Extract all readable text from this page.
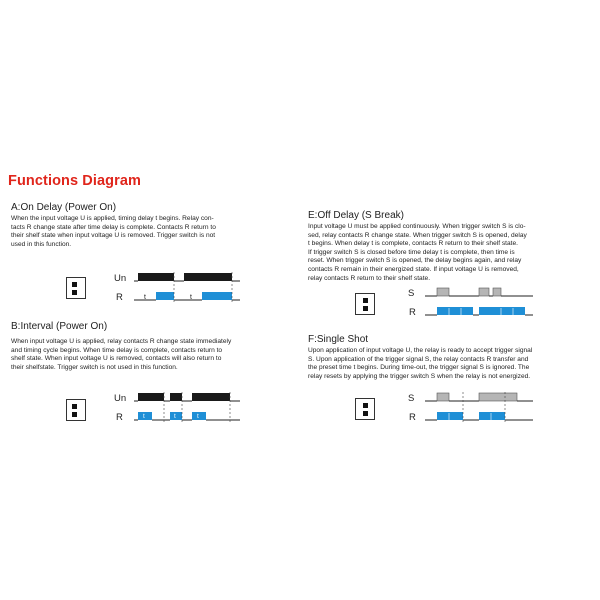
Functions Diagram
A:On Delay (Power On)

When the input voltage U is applied, timing delay t begins. Relay con-

tacts R change state after time delay is complete. Contacts R return to

their shelf state when input voltage U is removed. Trigger switch is not

used in this function.

Un
R	t	t
B:Interval (Power On)

When input voltage U is applied, relay contacts R change state immediately

and timing cycle begins. When time delay is complete, contacts return to

shelf state. When input voltage U is removed, contacts will also return to

their shelfstate. Trigger switch is not used in this function.

Un
R	t	t	t
E:Off Delay (S Break)

Input voltage U must be applied continuously. When trigger switch S is clo-

sed, relay contacts R change state. When trigger switch S is opened, delay

t begins. When delay t is complete, contacts R return to their shelf state.

If trigger switch S is closed before time delay t is complete, then time is

reset. When trigger switch S is opened, the delay begins again, and relay

contacts R remain in their energized state. If input voltage U is removed,

relay contacts R return to their shelf state.

S
R
F:Single Shot

Upon application of input voltage U, the relay is ready to accept trigger signal

S. Upon application of the trigger signal S, the relay contacts R transfer and

the preset time t begins. During time-out, the trigger signal S is ignored. The

relay resets by applying the trigger switch S when the relay is not energized.

S
R
